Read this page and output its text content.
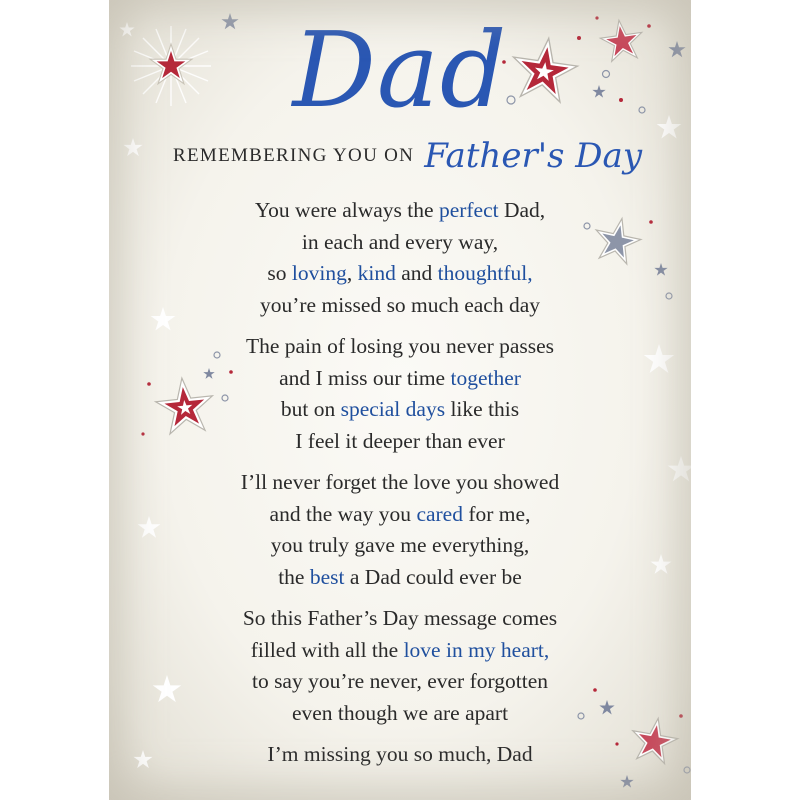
Dad
REMEMBERING YOU ON Father's Day
You were always the perfect Dad,
in each and every way,
so loving, kind and thoughtful,
you’re missed so much each day
The pain of losing you never passes
and I miss our time together
but on special days like this
I feel it deeper than ever
I’ll never forget the love you showed
and the way you cared for me,
you truly gave me everything,
the best a Dad could ever be
So this Father’s Day message comes
filled with all the love in my heart,
to say you’re never, ever forgotten
even though we are apart
I’m missing you so much, Dad
